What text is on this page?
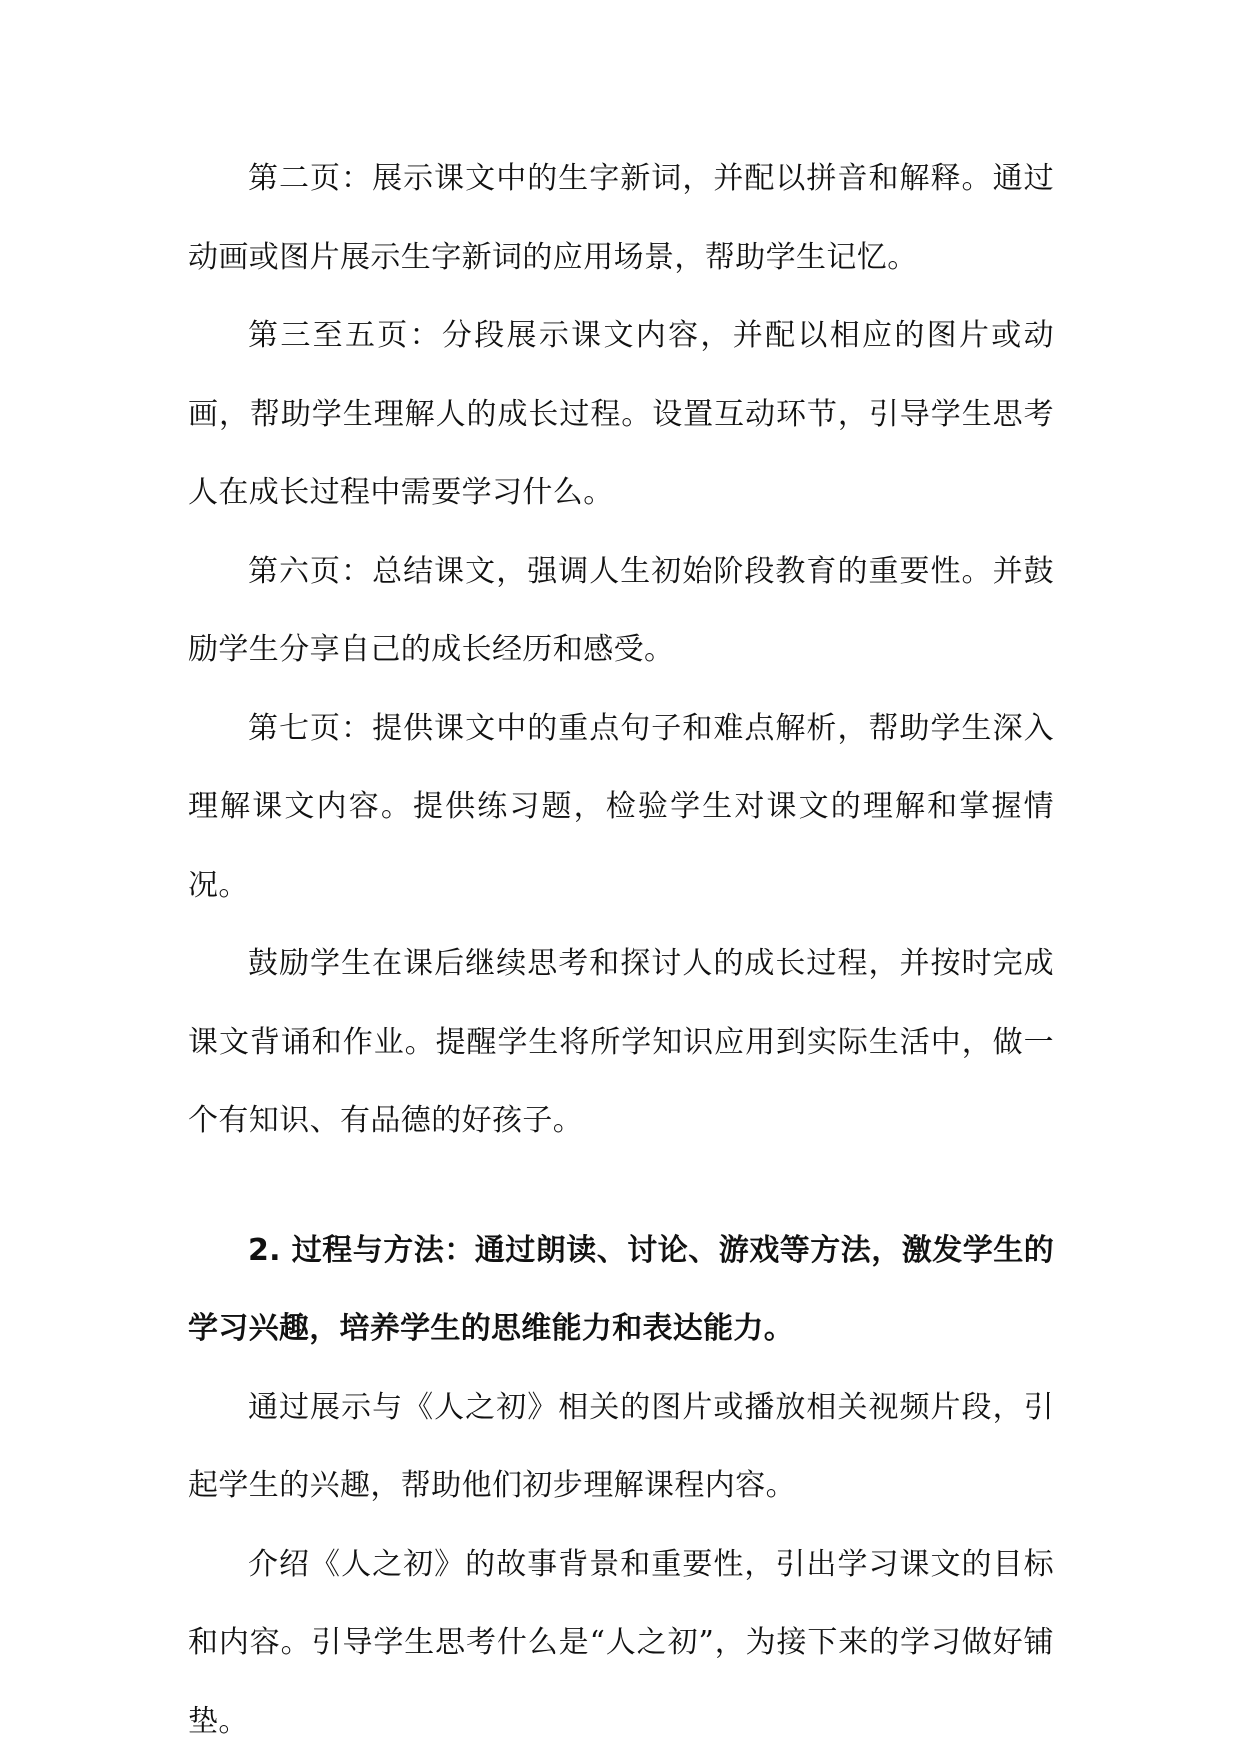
第二页：展示课文中的生字新词，并配以拼音和解释。通过动画或图片展示生字新词的应用场景，帮助学生记忆。

第三至五页：分段展示课文内容，并配以相应的图片或动画，帮助学生理解人的成长过程。设置互动环节，引导学生思考人在成长过程中需要学习什么。

第六页：总结课文，强调人生初始阶段教育的重要性。并鼓励学生分享自己的成长经历和感受。

第七页：提供课文中的重点句子和难点解析，帮助学生深入理解课文内容。提供练习题，检验学生对课文的理解和掌握情况。

鼓励学生在课后继续思考和探讨人的成长过程，并按时完成课文背诵和作业。提醒学生将所学知识应用到实际生活中，做一个有知识、有品德的好孩子。

2. 过程与方法：通过朗读、讨论、游戏等方法，激发学生的学习兴趣，培养学生的思维能力和表达能力。

通过展示与《人之初》相关的图片或播放相关视频片段，引起学生的兴趣，帮助他们初步理解课程内容。

介绍《人之初》的故事背景和重要性，引出学习课文的目标和内容。引导学生思考什么是“人之初”，为接下来的学习做好铺垫。
